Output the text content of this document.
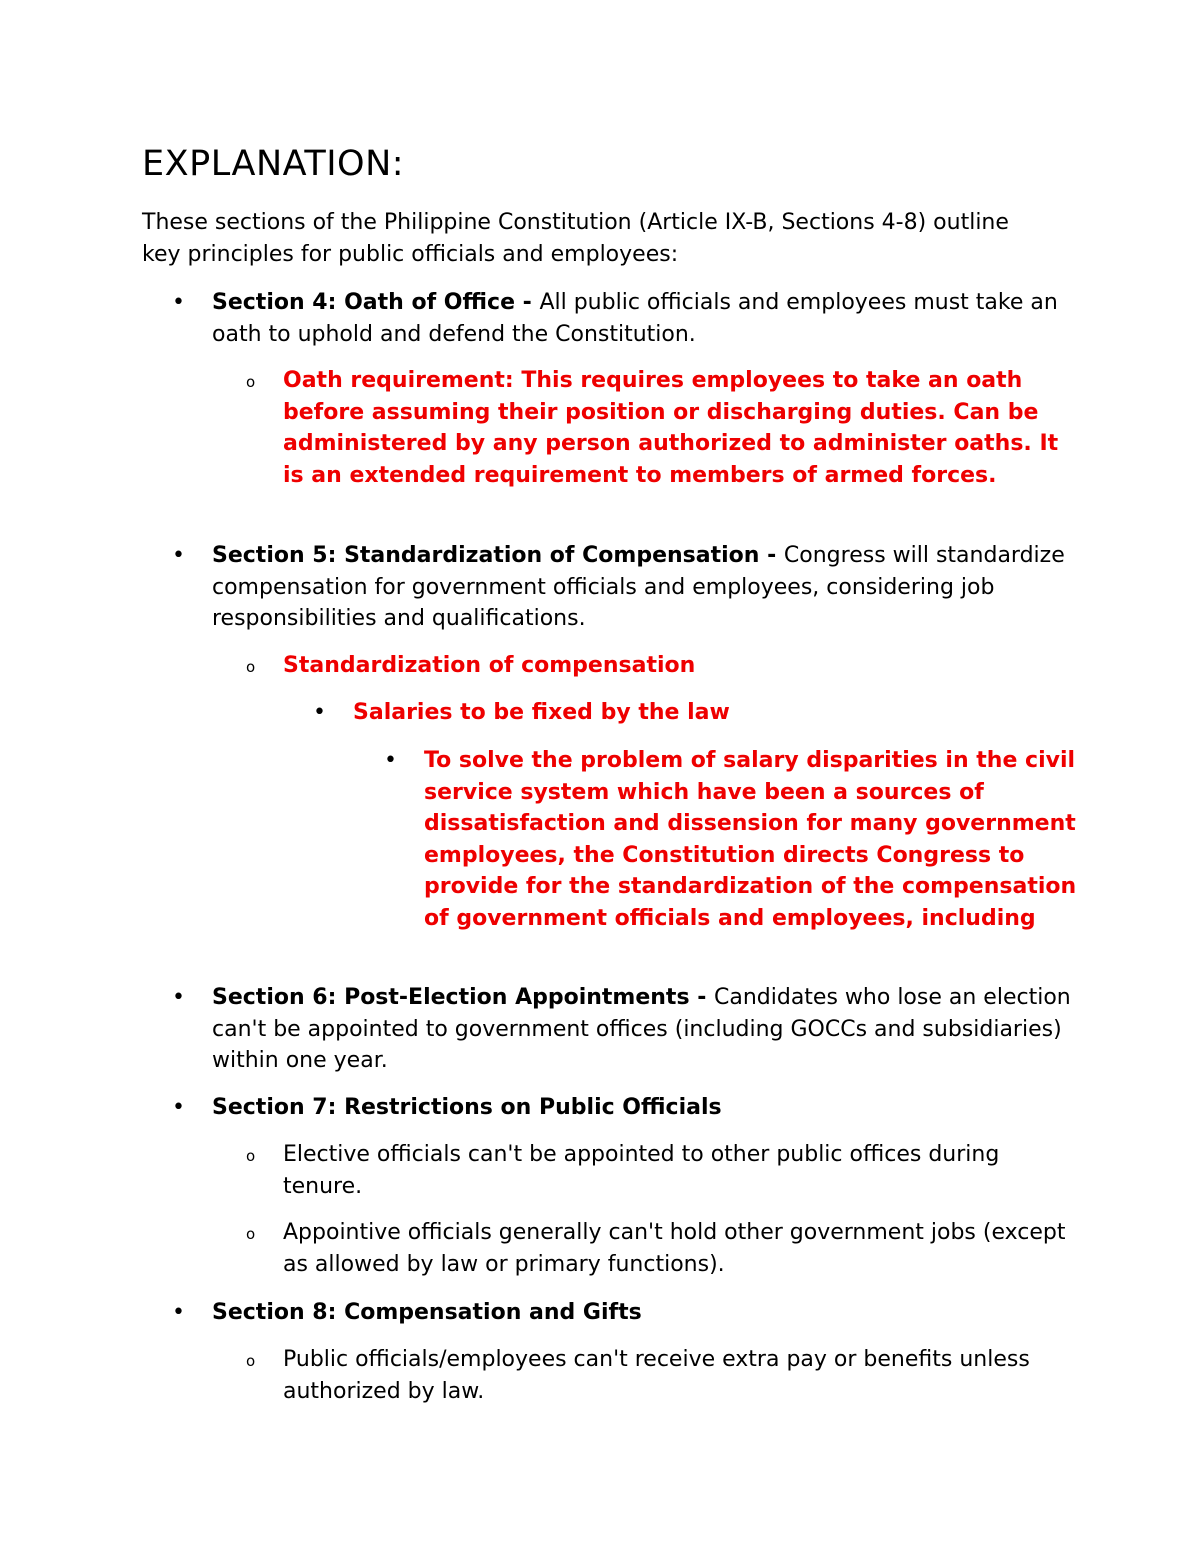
EXPLANATION:

These sections of the Philippine Constitution (Article IX-B, Sections 4-8) outline key principles for public officials and employees:

• Section 4: Oath of Office - All public officials and employees must take an oath to uphold and defend the Constitution.

o Oath requirement: This requires employees to take an oath before assuming their position or discharging duties. Can be administered by any person authorized to administer oaths. It is an extended requirement to members of armed forces.

• Section 5: Standardization of Compensation - Congress will standardize compensation for government officials and employees, considering job responsibilities and qualifications.

o Standardization of compensation

• Salaries to be fixed by the law

• To solve the problem of salary disparities in the civil service system which have been a sources of dissatisfaction and dissension for many government employees, the Constitution directs Congress to provide for the standardization of the compensation of government officials and employees, including

• Section 6: Post-Election Appointments - Candidates who lose an election can't be appointed to government offices (including GOCCs and subsidiaries) within one year.

• Section 7: Restrictions on Public Officials

o Elective officials can't be appointed to other public offices during tenure.

o Appointive officials generally can't hold other government jobs (except as allowed by law or primary functions).

• Section 8: Compensation and Gifts

o Public officials/employees can't receive extra pay or benefits unless authorized by law.
